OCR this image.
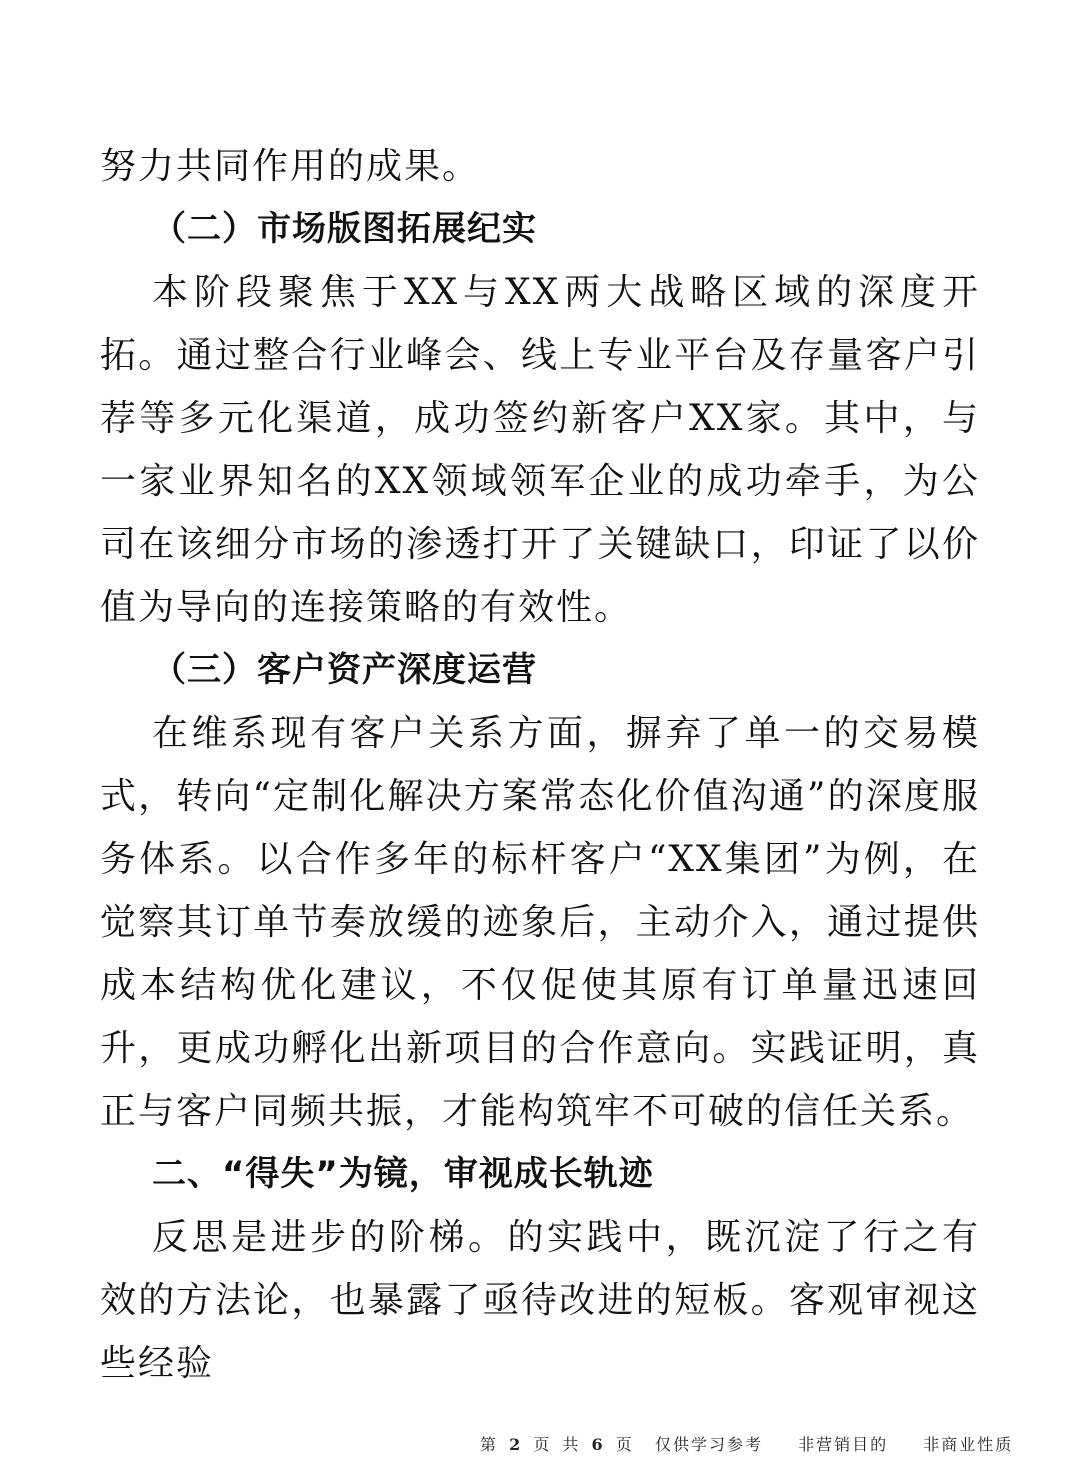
努力共同作用的成果。

（二）市场版图拓展纪实

本阶段聚焦于XX与XX两大战略区域的深度开拓。通过整合行业峰会、线上专业平台及存量客户引荐等多元化渠道，成功签约新客户XX家。其中，与一家业界知名的XX领域领军企业的成功牵手，为公司在该细分市场的渗透打开了关键缺口，印证了以价值为导向的连接策略的有效性。

（三）客户资产深度运营

在维系现有客户关系方面，摒弃了单一的交易模式，转向“定制化解决方案常态化价值沟通”的深度服务体系。以合作多年的标杆客户“XX集团”为例，在觉察其订单节奏放缓的迹象后，主动介入，通过提供成本结构优化建议，不仅促使其原有订单量迅速回升，更成功孵化出新项目的合作意向。实践证明，真正与客户同频共振，才能构筑牢不可破的信任关系。

二、“得失”为镜，审视成长轨迹

反思是进步的阶梯。的实践中，既沉淀了行之有效的方法论，也暴露了亟待改进的短板。客观审视这些经验

第 2 页 共 6 页 仅供学习参考 非营销目的 非商业性质
